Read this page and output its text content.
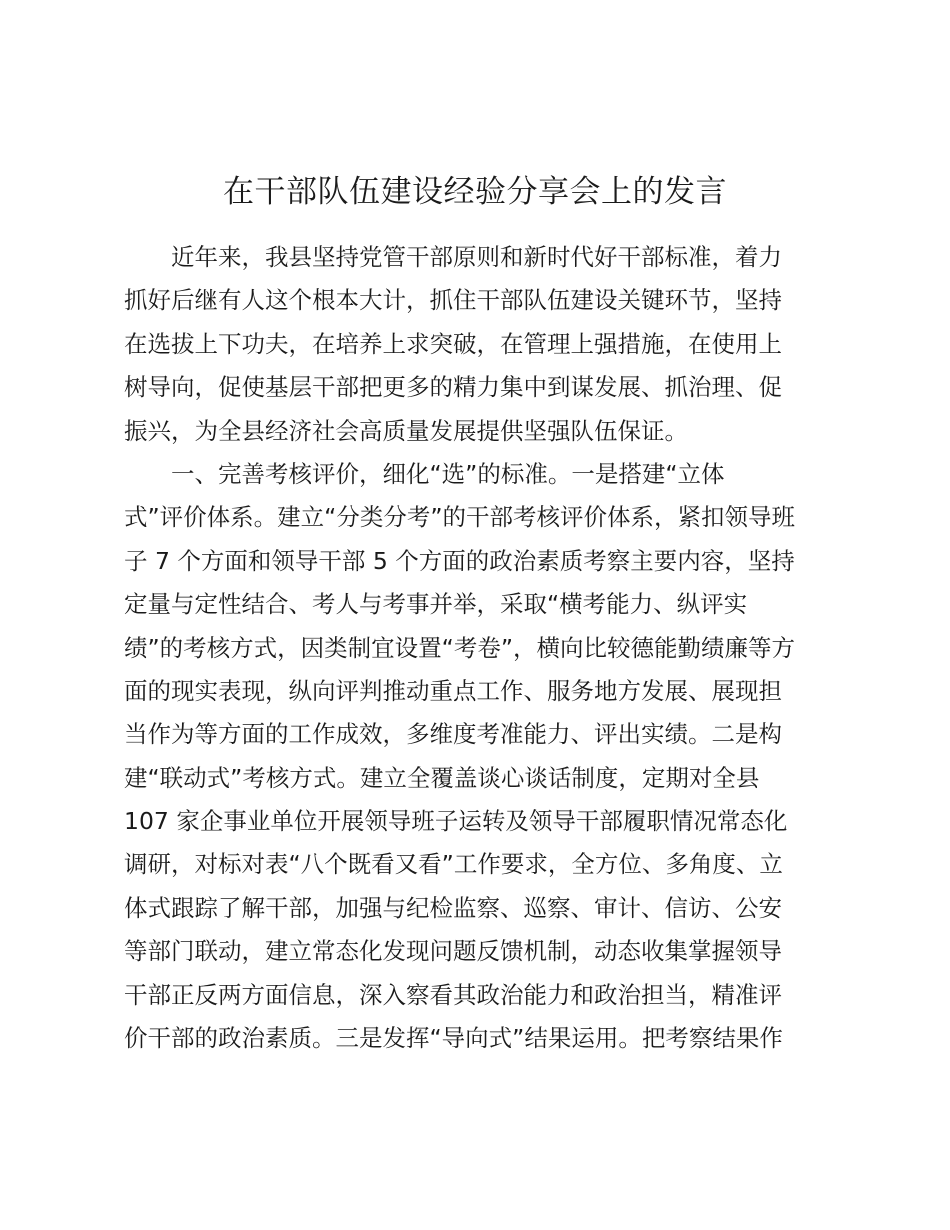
在干部队伍建设经验分享会上的发言
近年来，我县坚持党管干部原则和新时代好干部标准，着力
抓好后继有人这个根本大计，抓住干部队伍建设关键环节，坚持
在选拔上下功夫，在培养上求突破，在管理上强措施，在使用上
树导向，促使基层干部把更多的精力集中到谋发展、抓治理、促
振兴，为全县经济社会高质量发展提供坚强队伍保证。
一、完善考核评价，细化“选”的标准。一是搭建“立体
式”评价体系。建立“分类分考”的干部考核评价体系，紧扣领导班
子 7 个方面和领导干部 5 个方面的政治素质考察主要内容，坚持
定量与定性结合、考人与考事并举，采取“横考能力、纵评实
绩”的考核方式，因类制宜设置“考卷”，横向比较德能勤绩廉等方
面的现实表现，纵向评判推动重点工作、服务地方发展、展现担
当作为等方面的工作成效，多维度考准能力、评出实绩。二是构
建“联动式”考核方式。建立全覆盖谈心谈话制度，定期对全县
107 家企事业单位开展领导班子运转及领导干部履职情况常态化
调研，对标对表“八个既看又看”工作要求，全方位、多角度、立
体式跟踪了解干部，加强与纪检监察、巡察、审计、信访、公安
等部门联动，建立常态化发现问题反馈机制，动态收集掌握领导
干部正反两方面信息，深入察看其政治能力和政治担当，精准评
价干部的政治素质。三是发挥“导向式”结果运用。把考察结果作
